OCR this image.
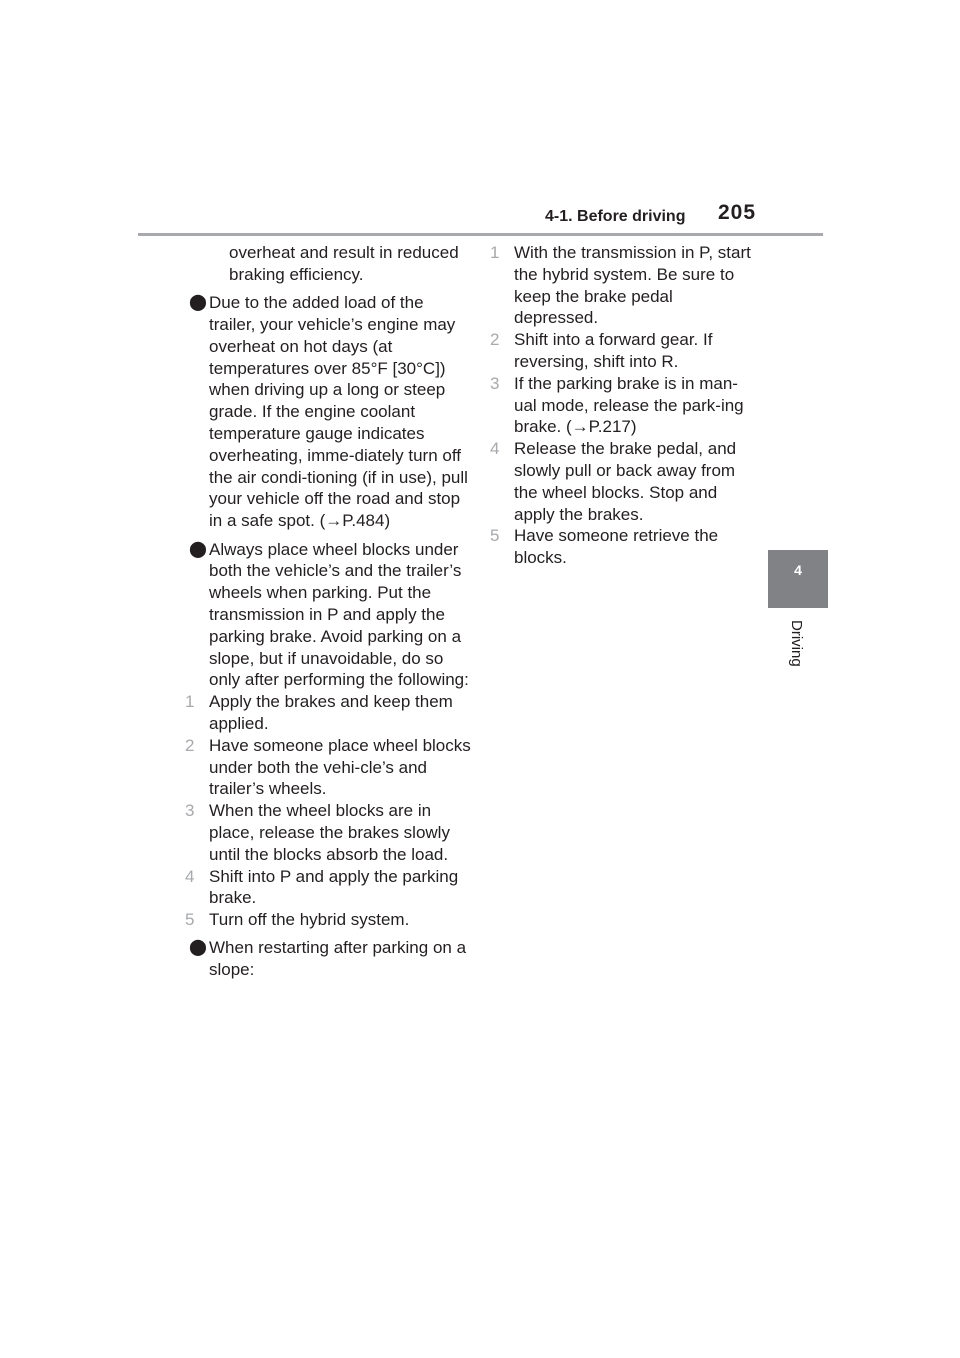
4-1. Before driving 205
4
Driving

overheat and result in reduced braking efficiency.

⬤ Due to the added load of the trailer, your vehicle’s engine may overheat on hot days (at temperatures over 85°F [30°C]) when driving up a long or steep grade. If the engine coolant temperature gauge indicates overheating, imme-diately turn off the air condi-tioning (if in use), pull your vehicle off the road and stop in a safe spot. (→P.484)

⬤ Always place wheel blocks under both the vehicle’s and the trailer’s wheels when parking. Put the transmission in P and apply the parking brake. Avoid parking on a slope, but if unavoidable, do so only after performing the following:

1 Apply the brakes and keep them applied.

2 Have someone place wheel blocks under both the vehi-cle’s and trailer’s wheels.

3 When the wheel blocks are in place, release the brakes slowly until the blocks absorb the load.

4 Shift into P and apply the parking brake.

5 Turn off the hybrid system.

⬤ When restarting after parking on a slope:

1 With the transmission in P, start the hybrid system. Be sure to keep the brake pedal depressed.

2 Shift into a forward gear. If reversing, shift into R.

3 If the parking brake is in man-ual mode, release the park-ing brake. (→P.217)

4 Release the brake pedal, and slowly pull or back away from the wheel blocks. Stop and apply the brakes.

5 Have someone retrieve the blocks.
